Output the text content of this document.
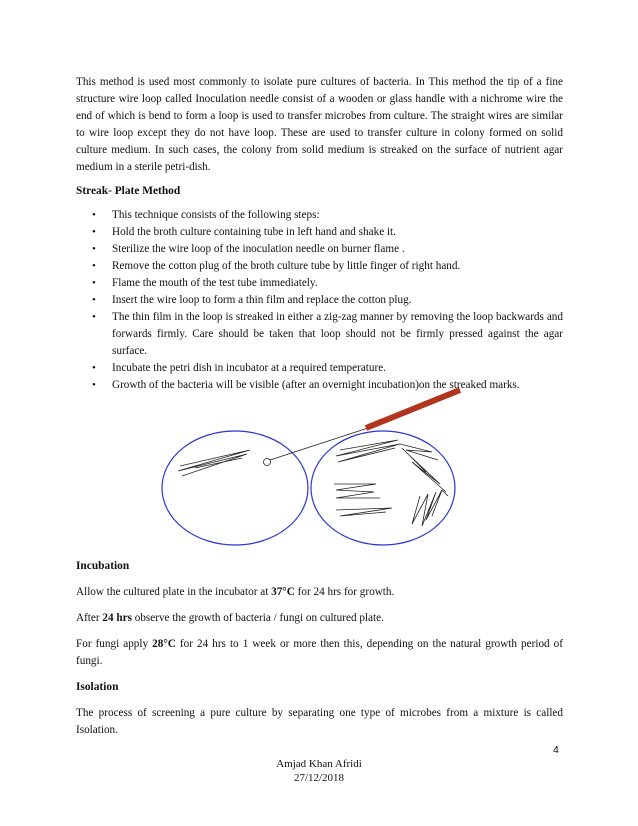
This method is used most commonly to isolate pure cultures of bacteria. In This method the tip of a fine structure wire loop called Inoculation needle consist of a wooden or glass handle with a nichrome wire the end of which is bend to form a loop is used to transfer microbes from culture. The straight wires are similar to wire loop except they do not have loop. These are used to transfer culture in colony formed on solid culture medium. In such cases, the colony from solid medium is streaked on the surface of nutrient agar medium in a sterile petri-dish.

Streak- Plate Method

• This technique consists of the following steps:
• Hold the broth culture containing tube in left hand and shake it.
• Sterilize the wire loop of the inoculation needle on burner flame .
• Remove the cotton plug of the broth culture tube by little finger of right hand.
• Flame the mouth of the test tube immediately.
• Insert the wire loop to form a thin film and replace the cotton plug.
• The thin film in the loop is streaked in either a zig-zag manner by removing the loop backwards and forwards firmly. Care should be taken that loop should not be firmly pressed against the agar surface.
• Incubate the petri dish in incubator at a required temperature.
• Growth of the bacteria will be visible (after an overnight incubation)on the streaked marks.

Incubation

Allow the cultured plate in the incubator at 37°C for 24 hrs for growth.

After 24 hrs observe the growth of bacteria / fungi on cultured plate.

For fungi apply 28°C for 24 hrs to 1 week or more then this, depending on the natural growth period of fungi.

Isolation

The process of screening a pure culture by separating one type of microbes from a mixture is called Isolation.

4
Amjad Khan Afridi
27/12/2018
